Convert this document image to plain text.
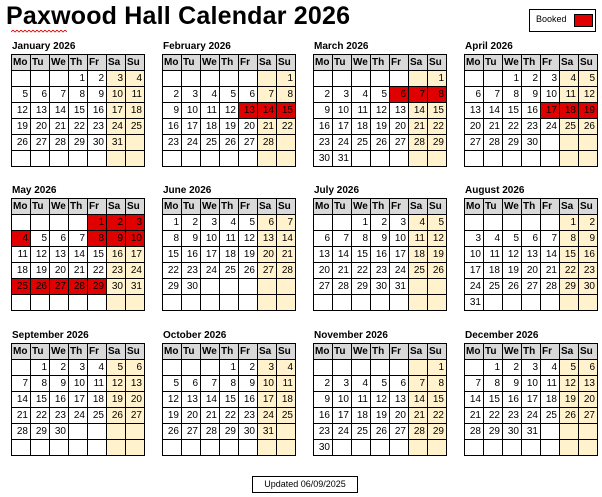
Paxwood Hall Calendar 2026	Booked
January 2026
Mo	Tu	We	Th	Fr	Sa	Su
			1	2	3	4
5	6	7	8	9	10	11
12	13	14	15	16	17	18
19	20	21	22	23	24	25
26	27	28	29	30	31	

February 2026
Mo	Tu	We	Th	Fr	Sa	Su
						1
2	3	4	5	6	7	8
9	10	11	12	13	14	15
16	17	18	19	20	21	22
23	24	25	26	27	28	

March 2026
Mo	Tu	We	Th	Fr	Sa	Su
						1
2	3	4	5	6	7	8
9	10	11	12	13	14	15
16	17	18	19	20	21	22
23	24	25	26	27	28	29
30	31					
April 2026
Mo	Tu	We	Th	Fr	Sa	Su
		1	2	3	4	5
6	7	8	9	10	11	12
13	14	15	16	17	18	19
20	21	22	23	24	25	26
27	28	29	30			

May 2026
Mo	Tu	We	Th	Fr	Sa	Su
				1	2	3
4	5	6	7	8	9	10
11	12	13	14	15	16	17
18	19	20	21	22	23	24
25	26	27	28	29	30	31

June 2026
Mo	Tu	We	Th	Fr	Sa	Su
1	2	3	4	5	6	7
8	9	10	11	12	13	14
15	16	17	18	19	20	21
22	23	24	25	26	27	28
29	30					

July 2026
Mo	Tu	We	Th	Fr	Sa	Su
		1	2	3	4	5
6	7	8	9	10	11	12
13	14	15	16	17	18	19
20	21	22	23	24	25	26
27	28	29	30	31		

August 2026
Mo	Tu	We	Th	Fr	Sa	Su
					1	2
3	4	5	6	7	8	9
10	11	12	13	14	15	16
17	18	19	20	21	22	23
24	25	26	27	28	29	30
31						
September 2026
Mo	Tu	We	Th	Fr	Sa	Su
	1	2	3	4	5	6
7	8	9	10	11	12	13
14	15	16	17	18	19	20
21	22	23	24	25	26	27
28	29	30				

October 2026
Mo	Tu	We	Th	Fr	Sa	Su
			1	2	3	4
5	6	7	8	9	10	11
12	13	14	15	16	17	18
19	20	21	22	23	24	25
26	27	28	29	30	31	

November 2026
Mo	Tu	We	Th	Fr	Sa	Su
						1
2	3	4	5	6	7	8
9	10	11	12	13	14	15
16	17	18	19	20	21	22
23	24	25	26	27	28	29
30						
December 2026
Mo	Tu	We	Th	Fr	Sa	Su
	1	2	3	4	5	6
7	8	9	10	11	12	13
14	15	16	17	18	19	20
21	22	23	24	25	26	27
28	29	30	31			

Updated 06/09/2025
